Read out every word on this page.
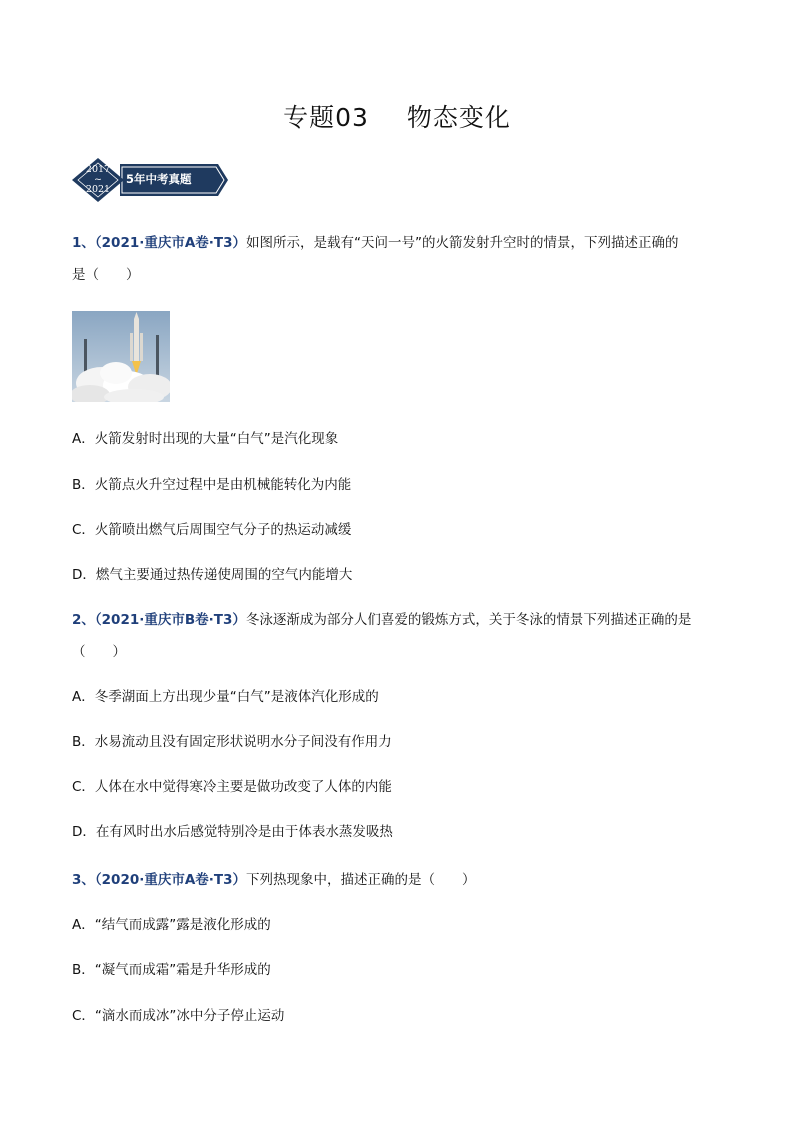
专题03 物态变化
2017
~
2021
5年中考真题
1、（2021·重庆市A卷·T3）如图所示，是载有“天问一号”的火箭发射升空时的情景，下列描述正确的
是（　　）
A．火箭发射时出现的大量“白气”是汽化现象
B．火箭点火升空过程中是由机械能转化为内能
C．火箭喷出燃气后周围空气分子的热运动减缓
D．燃气主要通过热传递使周围的空气内能增大
2、（2021·重庆市B卷·T3）冬泳逐渐成为部分人们喜爱的锻炼方式，关于冬泳的情景下列描述正确的是
（　　）
A．冬季湖面上方出现少量“白气”是液体汽化形成的
B．水易流动且没有固定形状说明水分子间没有作用力
C．人体在水中觉得寒冷主要是做功改变了人体的内能
D．在有风时出水后感觉特别冷是由于体表水蒸发吸热
3、（2020·重庆市A卷·T3）下列热现象中，描述正确的是（　　）
A．“结气而成露”露是液化形成的
B．“凝气而成霜”霜是升华形成的
C．“滴水而成冰”冰中分子停止运动
